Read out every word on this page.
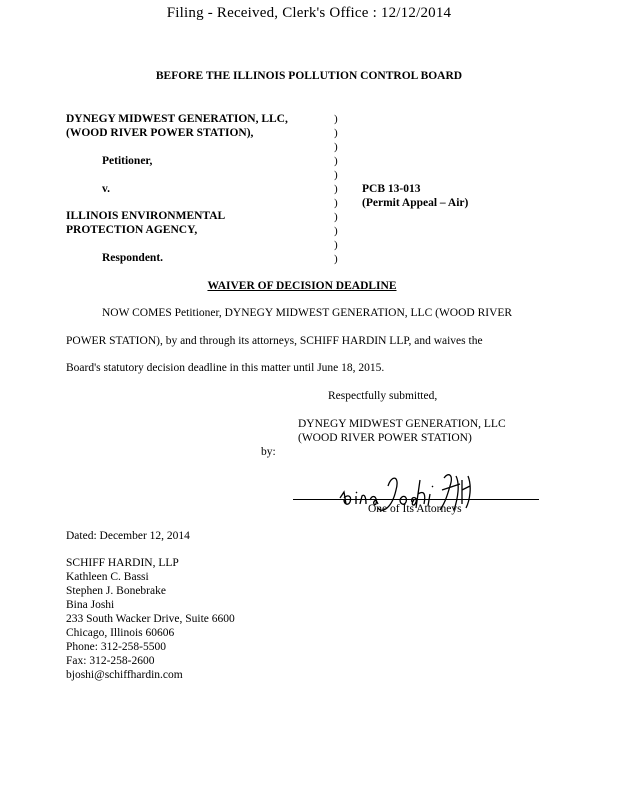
Filing - Received, Clerk's Office : 12/12/2014
BEFORE THE ILLINOIS POLLUTION CONTROL BOARD
DYNEGY MIDWEST GENERATION, LLC,
(WOOD RIVER POWER STATION),
Petitioner,
v.
ILLINOIS ENVIRONMENTAL
PROTECTION AGENCY,
Respondent.
)
)
)
)
)
)
)
)
)
)
)
PCB 13-013
(Permit Appeal – Air)
WAIVER OF DECISION DEADLINE
NOW COMES Petitioner, DYNEGY MIDWEST GENERATION, LLC (WOOD RIVER
POWER STATION), by and through its attorneys, SCHIFF HARDIN LLP, and waives the
Board's statutory decision deadline in this matter until June 18, 2015.
Respectfully submitted,
DYNEGY MIDWEST GENERATION, LLC
(WOOD RIVER POWER STATION)
by:
One of Its Attorneys
Dated: December 12, 2014
SCHIFF HARDIN, LLP
Kathleen C. Bassi
Stephen J. Bonebrake
Bina Joshi
233 South Wacker Drive, Suite 6600
Chicago, Illinois 60606
Phone: 312-258-5500
Fax: 312-258-2600
bjoshi@schiffhardin.com
